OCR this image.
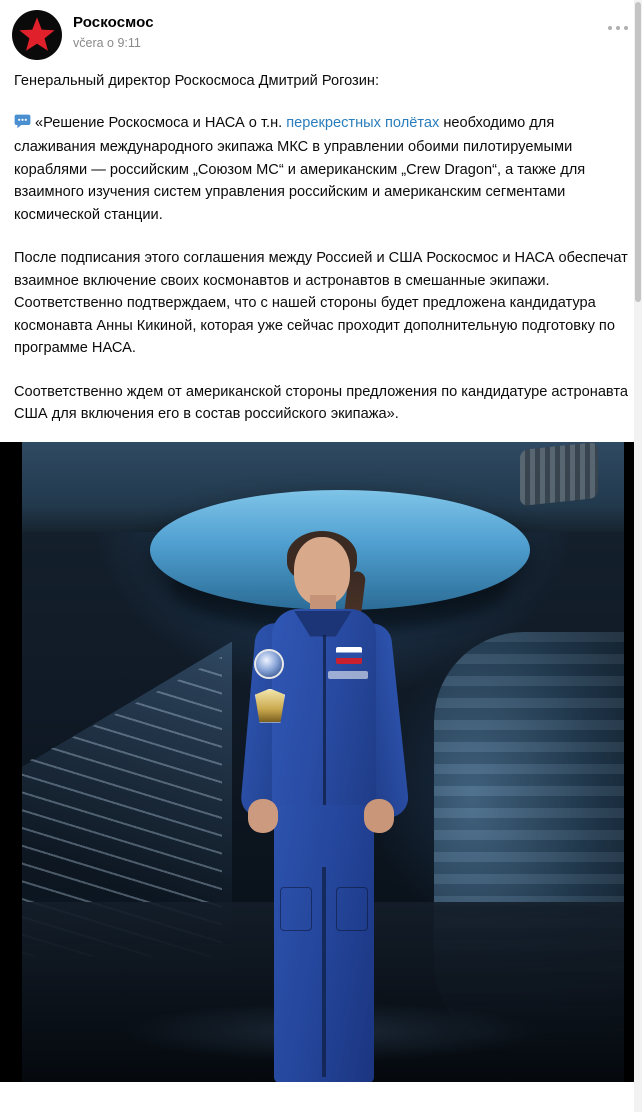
Роскосмос
včera o 9:11

Генеральный директор Роскосмоса Дмитрий Рогозин:

«Решение Роскосмоса и НАСА о т.н. перекрестных полётах необходимо для слаживания международного экипажа МКС в управлении обоими пилотируемыми кораблями — российским „Союзом МС“ и американским „Crew Dragon“, а также для взаимного изучения систем управления российским и американским сегментами космической станции.

После подписания этого соглашения между Россией и США Роскосмос и НАСА обеспечат взаимное включение своих космонавтов и астронавтов в смешанные экипажи. Соответственно подтверждаем, что с нашей стороны будет предложена кандидатура космонавта Анны Кикиной, которая уже сейчас проходит дополнительную подготовку по программе НАСА.

Соответственно ждем от американской стороны предложения по кандидатуре астронавта США для включения его в состав российского экипажа».
